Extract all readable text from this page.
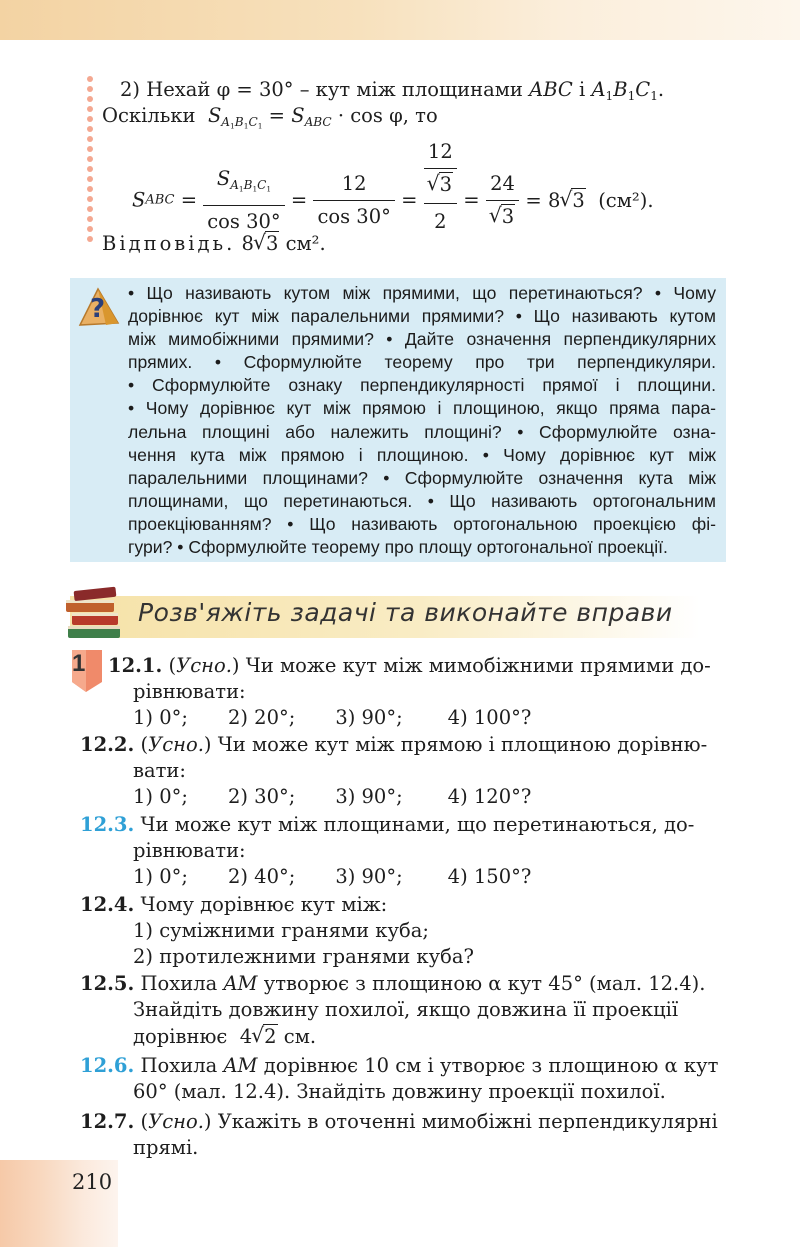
2) Нехай φ = 30° – кут між площинами ABC і $A_1B_1C_1$.
Оскільки $S_{A_1B_1C_1} = S_{ABC} \cdot \cos \varphi$, то
SABC = $\frac{S_{A_1B_1C_1}}{\cos 30^\circ} = \frac{12}{\cos 30^\circ}$ =
12
√ 3
2
= 24
√ 3 = 8 √ 3  (см²).
Відповідь. 8 √ 3 см².
?
• Що називають кутом між прямими, що перетинаються? • Чому
дорівнює кут між паралельними прямими? • Що називають кутом
між мимобіжними прямими? • Дайте означення перпендикулярних
прямих. • Сформулюйте теорему про три перпендикуляри.
• Сформулюйте ознаку перпендикулярності прямої і площини.
• Чому дорівнює кут між прямою і площиною, якщо пряма пара-
лельна площині або належить площині? • Сформулюйте озна-
чення кута між прямою і площиною. • Чому дорівнює кут між
паралельними площинами? • Сформулюйте означення кута між
площинами, що перетинаються. • Що називають ортогональним
проекціюванням? • Що називають ортогональною проекцією фі-
гури? • Сформулюйте теорему про площу ортогональної проекції.
Розв'яжіть задачі та виконайте вправи
1 12.1. (Усно.) Чи може кут між мимобіжними прямими до-
рівнювати:
1) 0°; 2) 20°; 3) 90°; 4) 100°?
12.2. (Усно.) Чи може кут між прямою і площиною дорівню-
вати:
1) 0°; 2) 30°; 3) 90°; 4) 120°?
12.3. Чи може кут між площинами, що перетинаються, до-
рівнювати:
1) 0°; 2) 40°; 3) 90°; 4) 150°?
12.4. Чому дорівнює кут між:
1) суміжними гранями куба;
2) протилежними гранями куба?
12.5. Похила AM утворює з площиною α кут 45° (мал. 12.4).
Знайдіть довжину похилої, якщо довжина її проекції
дорівнює  4 √ 2 см.
12.6. Похила AM дорівнює 10 см і утворює з площиною α кут
60° (мал. 12.4). Знайдіть довжину проекції похилої.
12.7. (Усно.) Укажіть в оточенні мимобіжні перпендикулярні
прямі.
210
